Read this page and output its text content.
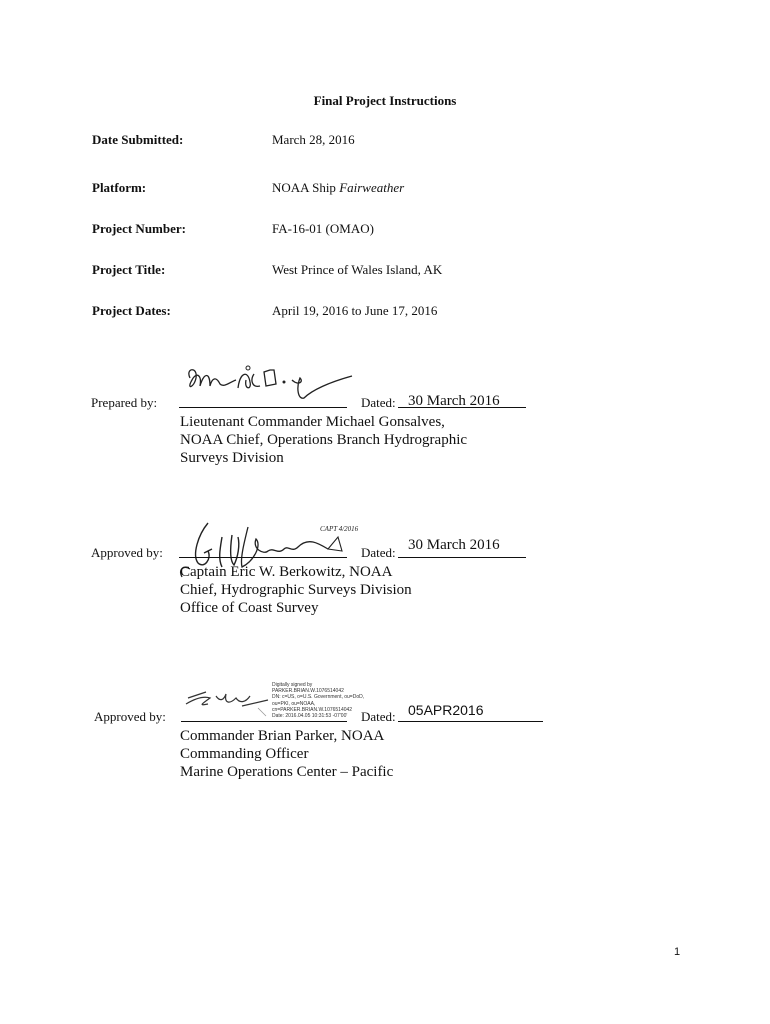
Final Project Instructions
Date Submitted:	March 28, 2016
Platform:	NOAA Ship Fairweather
Project Number:	FA-16-01 (OMAO)
Project Title:	West Prince of Wales Island, AK
Project Dates:	April 19, 2016 to June 17, 2016
Prepared by:	Dated: 30 March 2016
Lieutenant Commander Michael Gonsalves,
NOAA Chief, Operations Branch Hydrographic
Surveys Division
CAPT 4/2016
Approved by:	Dated: 30 March 2016
Captain Eric W. Berkowitz, NOAA
Chief, Hydrographic Surveys Division
Office of Coast Survey
Digitally signed by
PARKER.BRIAN.W.1076514042
DN: c=US, o=U.S. Government, ou=DoD,
ou=PKI, ou=NOAA,
cn=PARKER.BRIAN.W.1076514042
Date: 2016.04.05 10:31:53 -07'00'
Approved by:	Dated: 05APR2016
Commander Brian Parker, NOAA
Commanding Officer
Marine Operations Center – Pacific
1
